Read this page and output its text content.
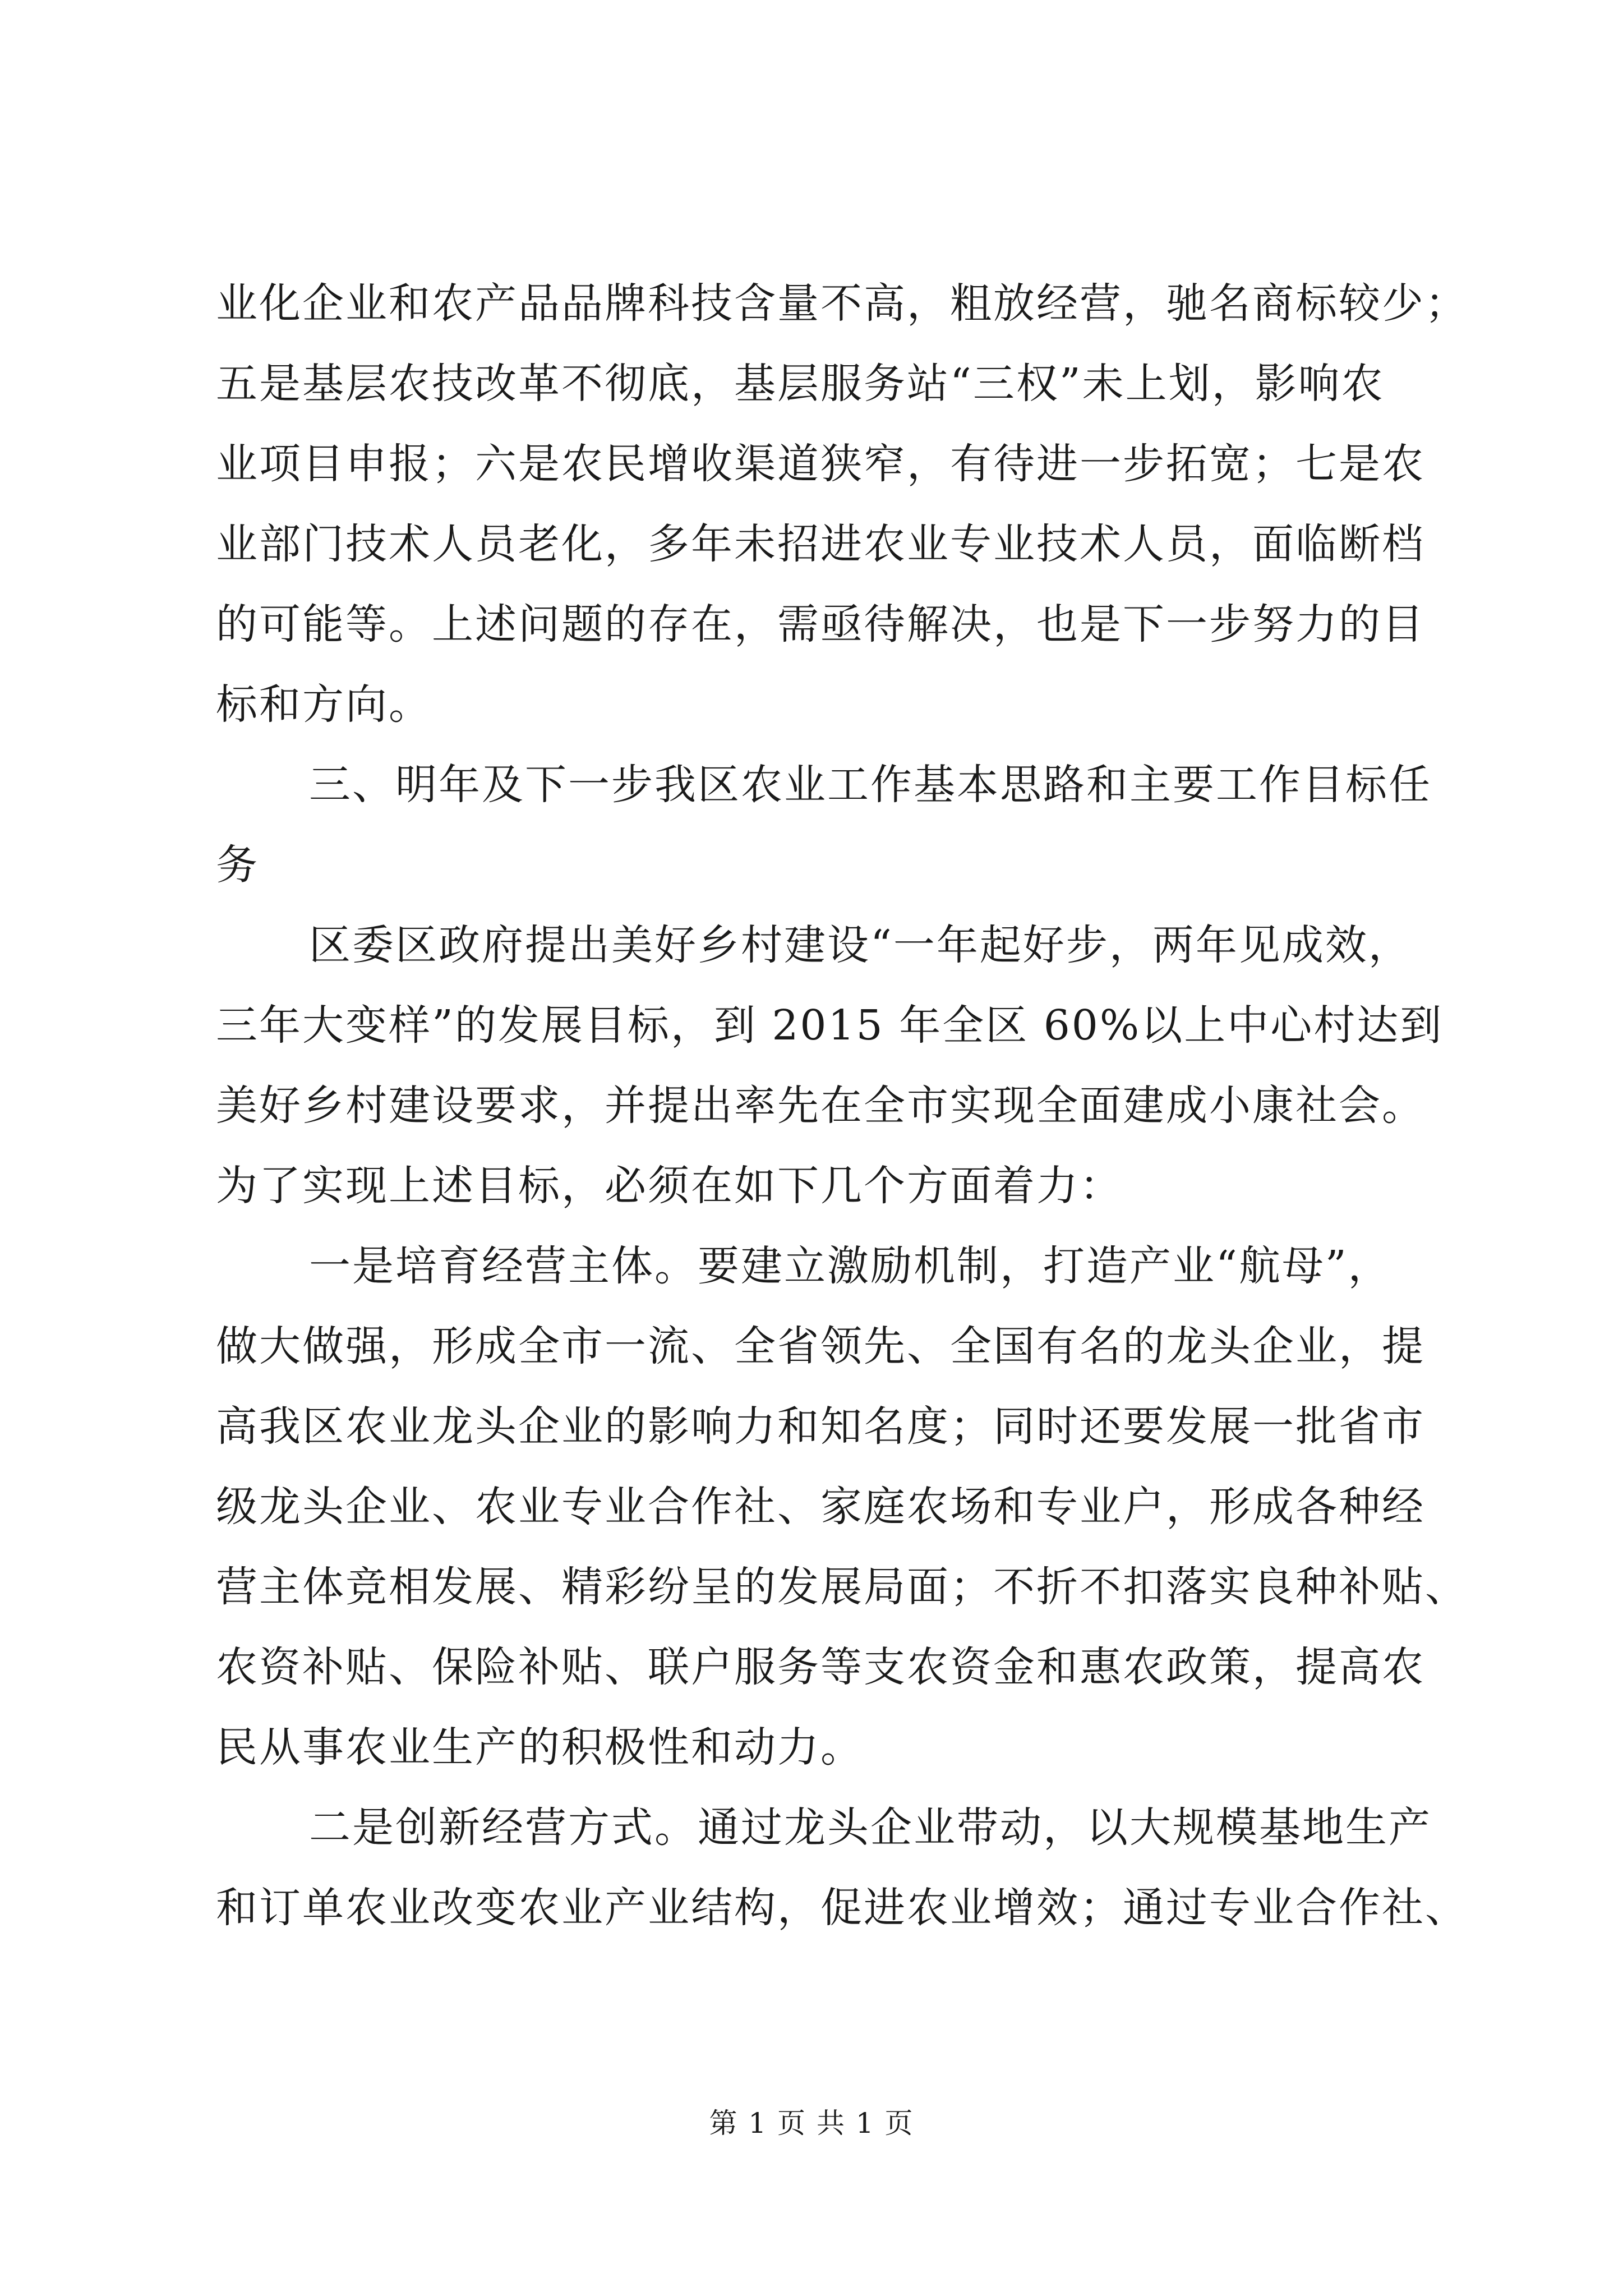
业化企业和农产品品牌科技含量不高，粗放经营，驰名商标较少；
五是基层农技改革不彻底，基层服务站“三权”未上划，影响农
业项目申报；六是农民增收渠道狭窄，有待进一步拓宽；七是农
业部门技术人员老化，多年未招进农业专业技术人员，面临断档
的可能等。上述问题的存在，需亟待解决，也是下一步努力的目
标和方向。
三、明年及下一步我区农业工作基本思路和主要工作目标任
务
区委区政府提出美好乡村建设“一年起好步，两年见成效，
三年大变样”的发展目标，到 2015 年全区 60%以上中心村达到
美好乡村建设要求，并提出率先在全市实现全面建成小康社会。
为了实现上述目标，必须在如下几个方面着力：
一是培育经营主体。要建立激励机制，打造产业“航母”，
做大做强，形成全市一流、全省领先、全国有名的龙头企业，提
高我区农业龙头企业的影响力和知名度；同时还要发展一批省市
级龙头企业、农业专业合作社、家庭农场和专业户，形成各种经
营主体竞相发展、精彩纷呈的发展局面；不折不扣落实良种补贴、
农资补贴、保险补贴、联户服务等支农资金和惠农政策，提高农
民从事农业生产的积极性和动力。
二是创新经营方式。通过龙头企业带动，以大规模基地生产
和订单农业改变农业产业结构，促进农业增效；通过专业合作社、
第 1 页 共 1 页
